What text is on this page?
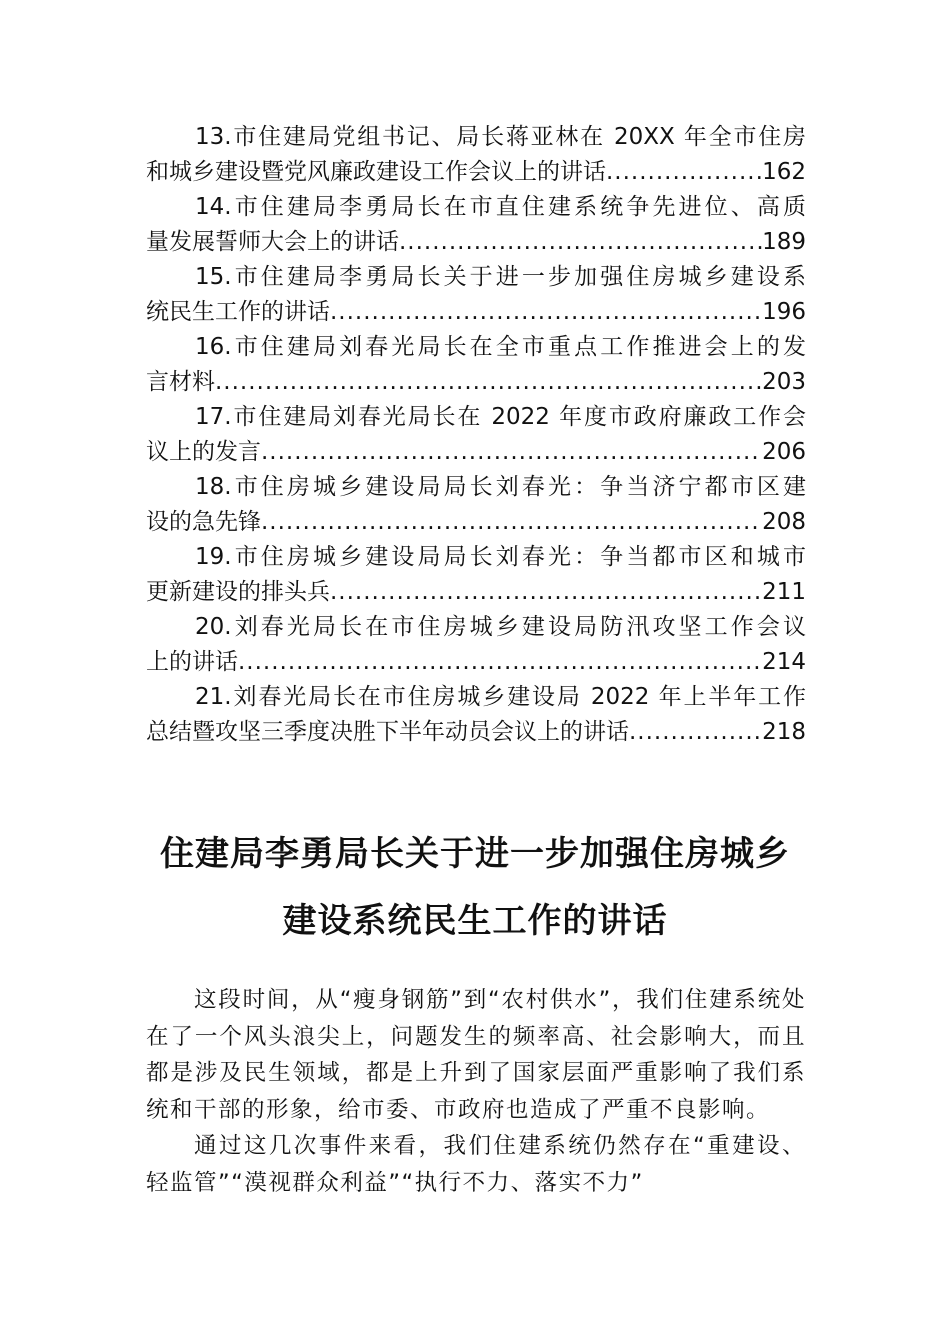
13.市住建局党组书记、局长蒋亚林在 20XX 年全市住房
和城乡建设暨党风廉政建设工作会议上的讲话 .....	162
14.市住建局李勇局长在市直住建系统争先进位、高质
量发展誓师大会上的讲话 .....	189
15.市住建局李勇局长关于进一步加强住房城乡建设系
统民生工作的讲话 .....	196
16.市住建局刘春光局长在全市重点工作推进会上的发
言材料 .....	203
17.市住建局刘春光局长在 2022 年度市政府廉政工作会
议上的发言 .....	206
18.市住房城乡建设局局长刘春光：争当济宁都市区建
设的急先锋 .....	208
19.市住房城乡建设局局长刘春光：争当都市区和城市
更新建设的排头兵 .....	211
20.刘春光局长在市住房城乡建设局防汛攻坚工作会议
上的讲话 .....	214
21.刘春光局长在市住房城乡建设局 2022 年上半年工作
总结暨攻坚三季度决胜下半年动员会议上的讲话 .....	218
住建局李勇局长关于进一步加强住房城乡
建设系统民生工作的讲话

这段时间，从“瘦身钢筋”到“农村供水”，我们住建系统处在了一个风头浪尖上，问题发生的频率高、社会影响大，而且都是涉及民生领域，都是上升到了国家层面严重影响了我们系统和干部的形象，给市委、市政府也造成了严重不良影响。

通过这几次事件来看，我们住建系统仍然存在“重建设、轻监管”“漠视群众利益”“执行不力、落实不力”
